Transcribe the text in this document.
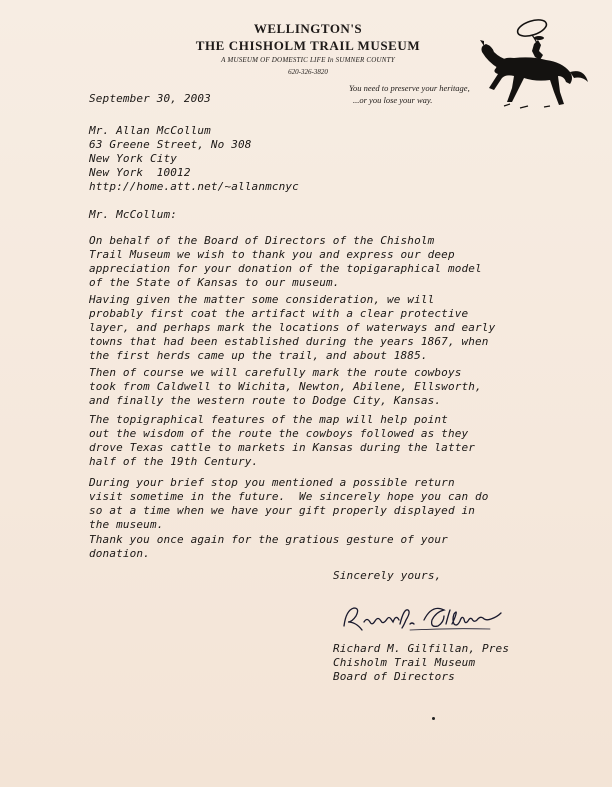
WELLINGTON'S
THE CHISHOLM TRAIL MUSEUM
A MUSEUM OF DOMESTIC LIFE In SUMNER COUNTY
620-326-3820
You need to preserve your heritage,
...or you lose your way.
September 30, 2003
Mr. Allan McCollum
63 Greene Street, No 308
New York City
New York  10012
http://home.att.net/~allanmcnyc
Mr. McCollum:
On behalf of the Board of Directors of the Chisholm
Trail Museum we wish to thank you and express our deep
appreciation for your donation of the topigaraphical model
of the State of Kansas to our museum.
Having given the matter some consideration, we will
probably first coat the artifact with a clear protective
layer, and perhaps mark the locations of waterways and early
towns that had been established during the years 1867, when
the first herds came up the trail, and about 1885.
Then of course we will carefully mark the route cowboys
took from Caldwell to Wichita, Newton, Abilene, Ellsworth,
and finally the western route to Dodge City, Kansas.
The topigraphical features of the map will help point
out the wisdom of the route the cowboys followed as they
drove Texas cattle to markets in Kansas during the latter
half of the 19th Century.
During your brief stop you mentioned a possible return
visit sometime in the future.  We sincerely hope you can do
so at a time when we have your gift properly displayed in
the museum.
Thank you once again for the gratious gesture of your
donation.
Sincerely yours,
Richard M. Gilfillan, Pres
Chisholm Trail Museum
Board of Directors
